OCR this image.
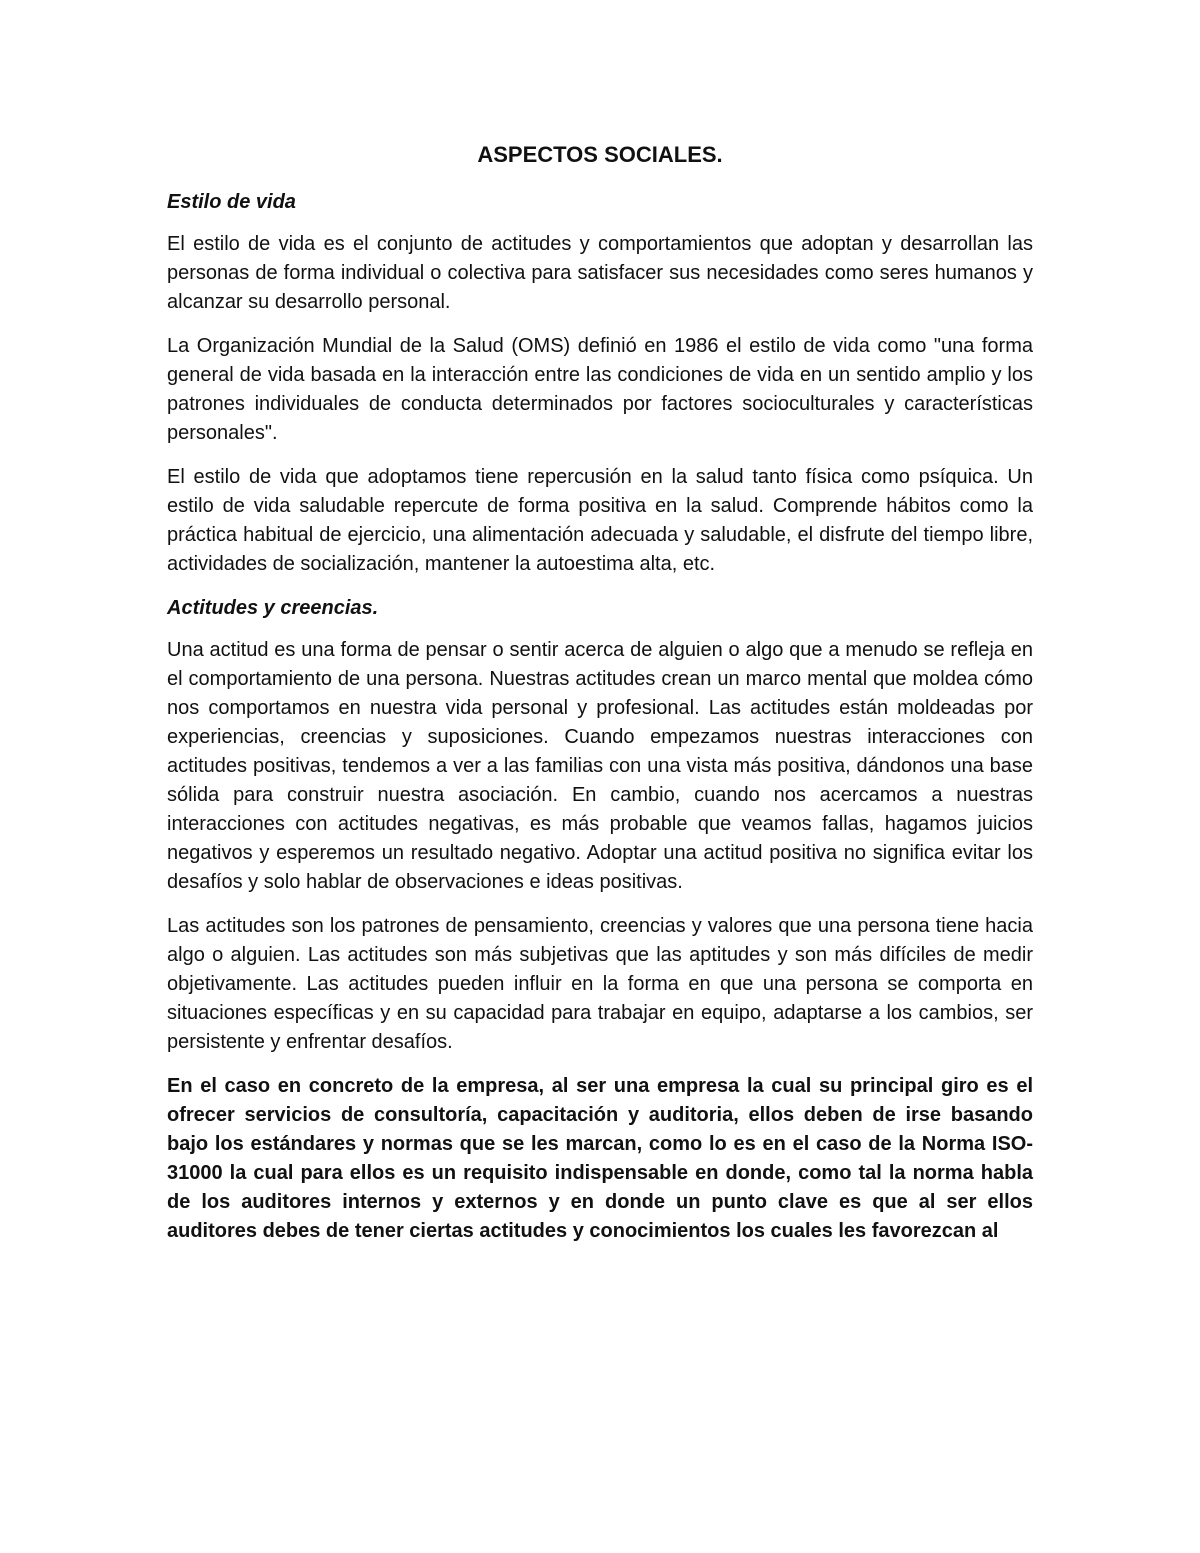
ASPECTOS SOCIALES.
Estilo de vida

El estilo de vida es el conjunto de actitudes y comportamientos que adoptan y desarrollan las personas de forma individual o colectiva para satisfacer sus necesidades como seres humanos y alcanzar su desarrollo personal.

La Organización Mundial de la Salud (OMS) definió en 1986 el estilo de vida como "una forma general de vida basada en la interacción entre las condiciones de vida en un sentido amplio y los patrones individuales de conducta determinados por factores socioculturales y características personales".

El estilo de vida que adoptamos tiene repercusión en la salud tanto física como psíquica. Un estilo de vida saludable repercute de forma positiva en la salud. Comprende hábitos como la práctica habitual de ejercicio, una alimentación adecuada y saludable, el disfrute del tiempo libre, actividades de socialización, mantener la autoestima alta, etc.

Actitudes y creencias.

Una actitud es una forma de pensar o sentir acerca de alguien o algo que a menudo se refleja en el comportamiento de una persona. Nuestras actitudes crean un marco mental que moldea cómo nos comportamos en nuestra vida personal y profesional. Las actitudes están moldeadas por experiencias, creencias y suposiciones. Cuando empezamos nuestras interacciones con actitudes positivas, tendemos a ver a las familias con una vista más positiva, dándonos una base sólida para construir nuestra asociación. En cambio, cuando nos acercamos a nuestras interacciones con actitudes negativas, es más probable que veamos fallas, hagamos juicios negativos y esperemos un resultado negativo. Adoptar una actitud positiva no significa evitar los desafíos y solo hablar de observaciones e ideas positivas.

Las actitudes son los patrones de pensamiento, creencias y valores que una persona tiene hacia algo o alguien. Las actitudes son más subjetivas que las aptitudes y son más difíciles de medir objetivamente. Las actitudes pueden influir en la forma en que una persona se comporta en situaciones específicas y en su capacidad para trabajar en equipo, adaptarse a los cambios, ser persistente y enfrentar desafíos.

En el caso en concreto de la empresa, al ser una empresa la cual su principal giro es el ofrecer servicios de consultoría, capacitación y auditoria, ellos deben de irse basando bajo los estándares y normas que se les marcan, como lo es en el caso de la Norma ISO-31000 la cual para ellos es un requisito indispensable en donde, como tal la norma habla de los auditores internos y externos y en donde un punto clave es que al ser ellos auditores debes de tener ciertas actitudes y conocimientos los cuales les favorezcan al
